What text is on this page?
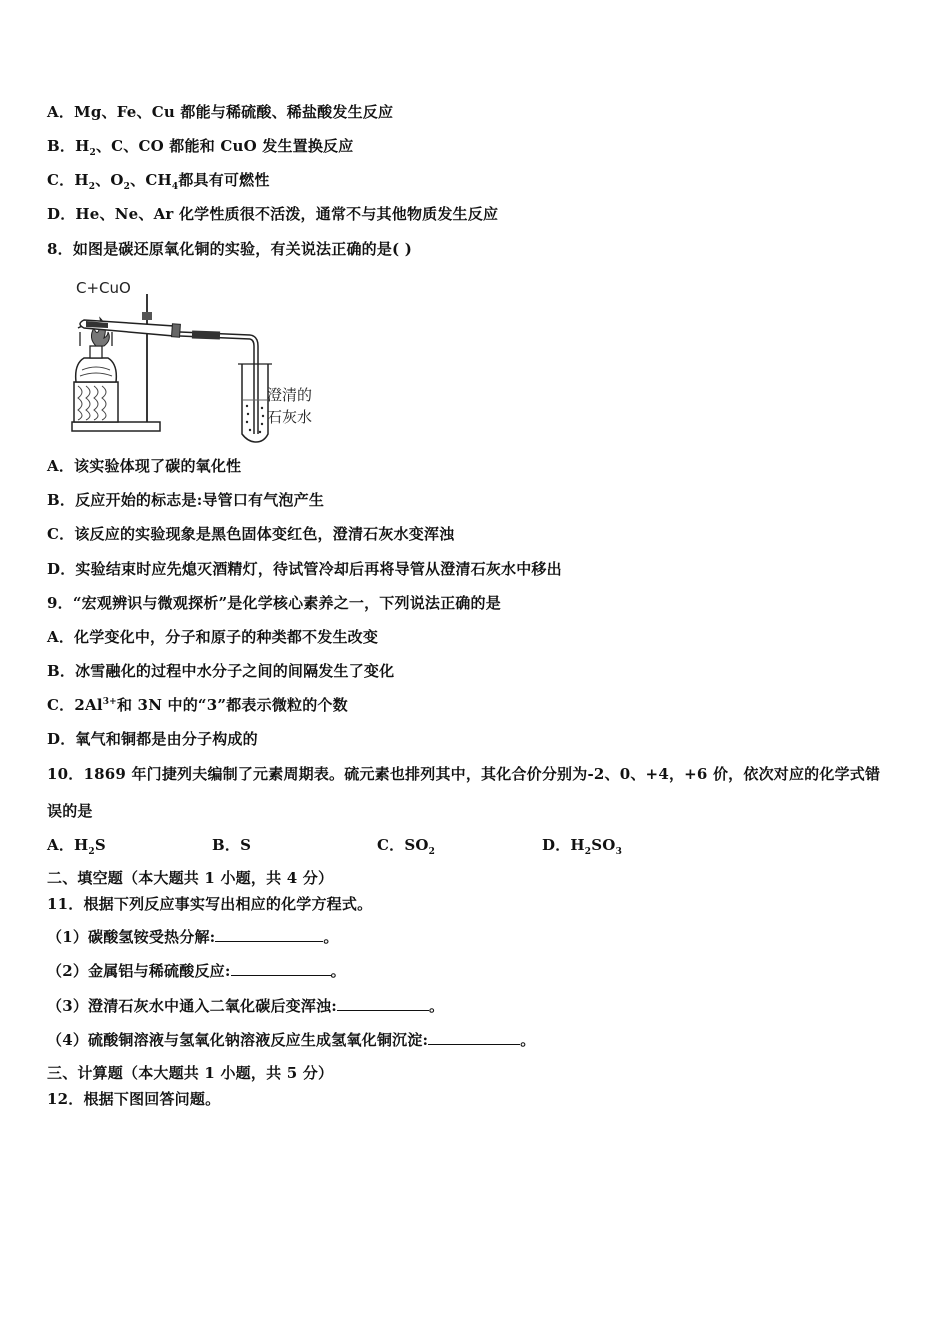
A．Mg、Fe、Cu 都能与稀硫酸、稀盐酸发生反应
B．$H_2$、C、CO 都能和 CuO 发生置换反应
C．$H_2$、$O_2$、$CH_4$都具有可燃性
D．He、Ne、Ar 化学性质很不活泼，通常不与其他物质发生反应
8．如图是碳还原氧化铜的实验，有关说法正确的是( )
C+CuO
澄清的
石灰水
A．该实验体现了碳的氧化性
B．反应开始的标志是:导管口有气泡产生
C．该反应的实验现象是黑色固体变红色，澄清石灰水变浑浊
D．实验结束时应先熄灭酒精灯，待试管冷却后再将导管从澄清石灰水中移出
9．“宏观辨识与微观探析”是化学核心素养之一，下列说法正确的是
A．化学变化中，分子和原子的种类都不发生改变
B．冰雪融化的过程中水分子之间的间隔发生了变化
C．$2Al^{3+}$和 3N 中的“3”都表示微粒的个数
D．氧气和铜都是由分子构成的
10．1869 年门捷列夫编制了元素周期表。硫元素也排列其中，其化合价分别为-2、0、+4，+6 价，依次对应的化学式错
误的是
A．$H_2S$	B．S	C．$SO_2$	D．$H_2SO_3$
二、填空题（本大题共 1 小题，共 4 分）
11．根据下列反应事实写出相应的化学方程式。
（1）碳酸氢铵受热分解:	。
（2）金属铝与稀硫酸反应:	。
（3）澄清石灰水中通入二氧化碳后变浑浊:	。
（4）硫酸铜溶液与氢氧化钠溶液反应生成氢氧化铜沉淀:	。
三、计算题（本大题共 1 小题，共 5 分）
12．根据下图回答问题。
